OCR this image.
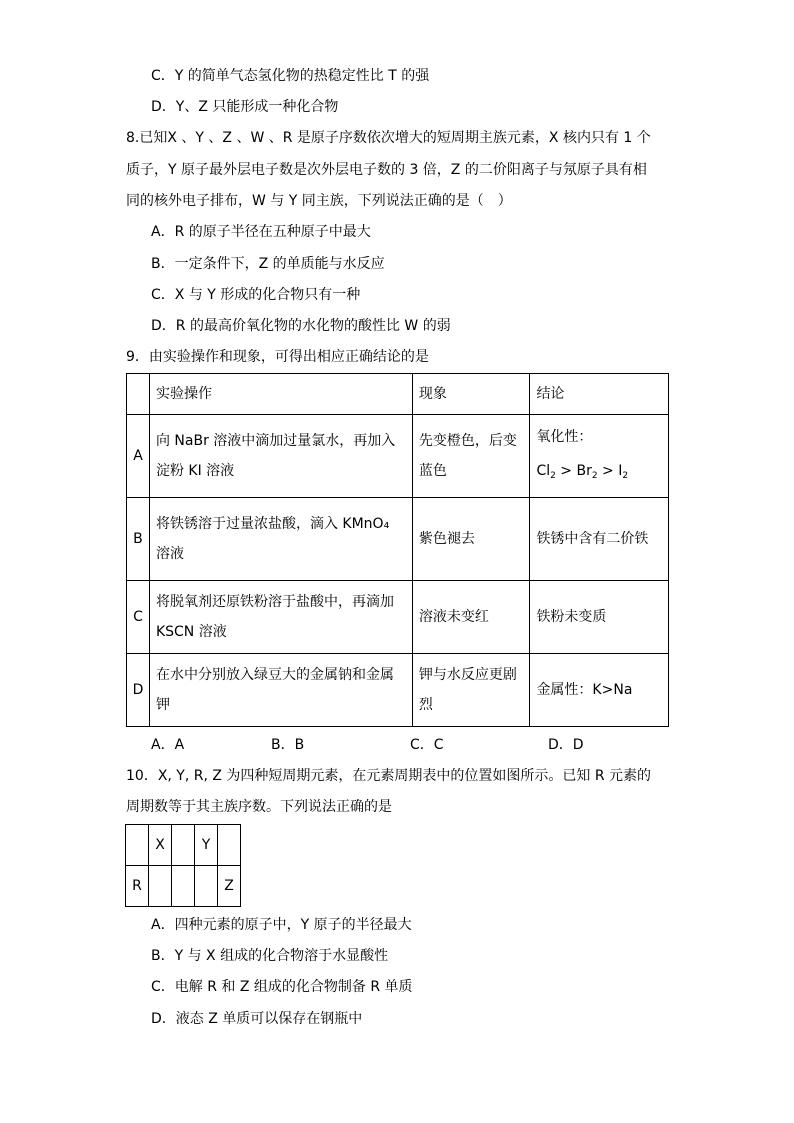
C．Y 的简单气态氢化物的热稳定性比 T 的强
D．Y、Z 只能形成一种化合物
8.已知X 、Y 、Z 、W 、R 是原子序数依次增大的短周期主族元素，X 核内只有 1 个
质子，Y 原子最外层电子数是次外层电子数的 3 倍，Z 的二价阳离子与氖原子具有相
同的核外电子排布，W 与 Y 同主族，下列说法正确的是（　）
A．R 的原子半径在五种原子中最大
B．一定条件下，Z 的单质能与水反应
C．X 与 Y 形成的化合物只有一种
D．R 的最高价氧化物的水化物的酸性比 W 的弱
9．由实验操作和现象，可得出相应正确结论的是
	实验操作	现象	结论
A	向 NaBr 溶液中滴加过量氯水，再加入淀粉 KI 溶液	先变橙色，后变蓝色	氧化性：
$Cl_2 > Br_2 > I_2$

B	将铁锈溶于过量浓盐酸，滴入 KMnO₄ 溶液	紫色褪去	铁锈中含有二价铁
C	将脱氧剂还原铁粉溶于盐酸中，再滴加 KSCN 溶液	溶液未变红	铁粉未变质
D	在水中分别放入绿豆大的金属钠和金属钾	钾与水反应更剧烈	金属性：K>Na
A．A	B．B	C．C	D．D
10．X, Y, R, Z 为四种短周期元素，在元素周期表中的位置如图所示。已知 R 元素的
周期数等于其主族序数。下列说法正确的是
	X		Y	
R				Z
A．四种元素的原子中，Y 原子的半径最大
B．Y 与 X 组成的化合物溶于水显酸性
C．电解 R 和 Z 组成的化合物制备 R 单质
D．液态 Z 单质可以保存在钢瓶中
